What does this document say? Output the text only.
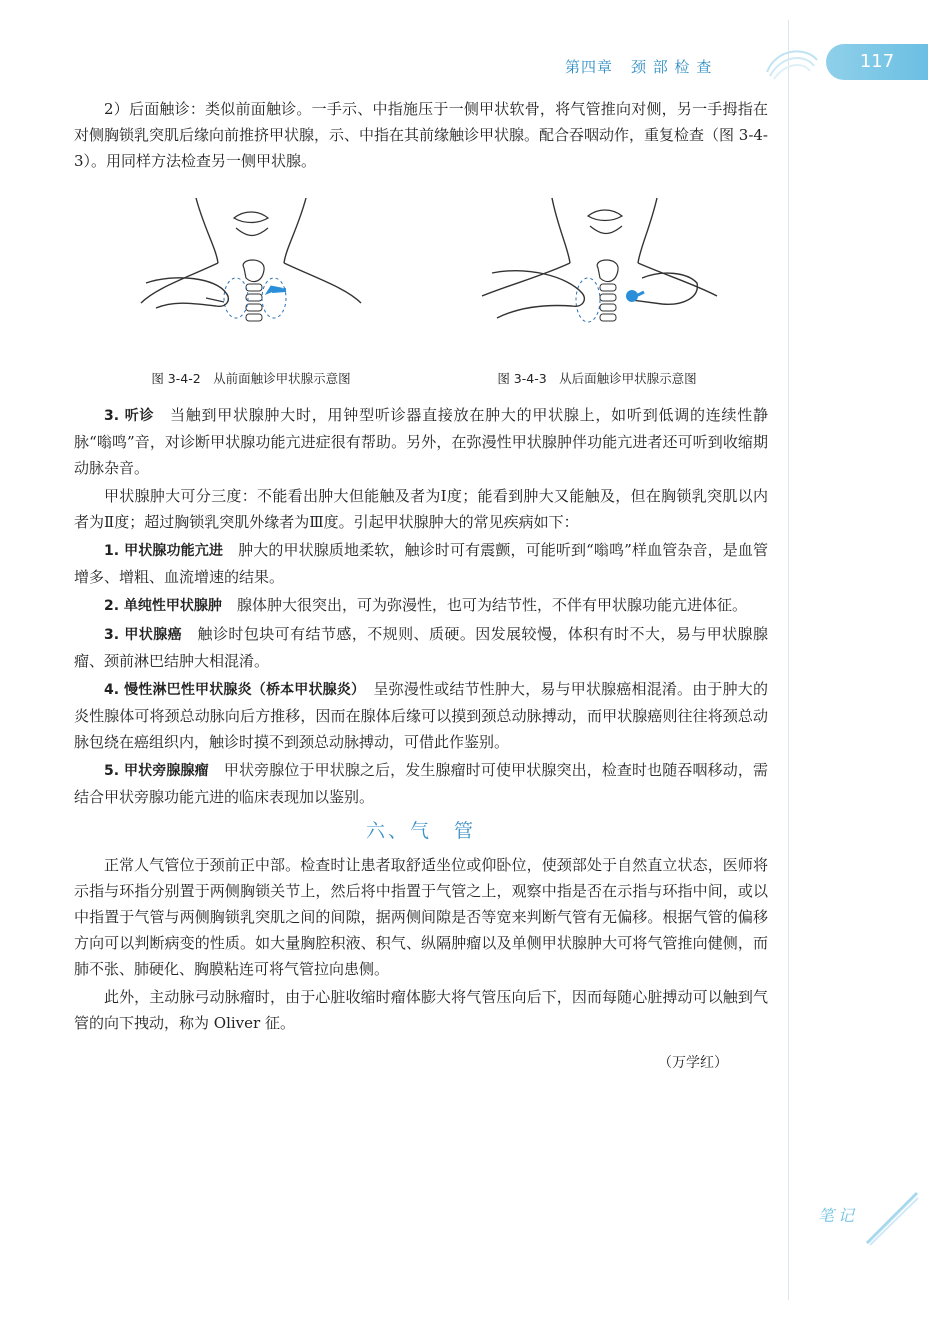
第四章 颈 部 检 查	117

2）后面触诊：类似前面触诊。一手示、中指施压于一侧甲状软骨，将气管推向对侧，另一手拇指在对侧胸锁乳突肌后缘向前推挤甲状腺，示、中指在其前缘触诊甲状腺。配合吞咽动作，重复检查（图 3-4-3）。用同样方法检查另一侧甲状腺。

图 3-4-2　从前面触诊甲状腺示意图	图 3-4-3　从后面触诊甲状腺示意图

3. 听诊　 当触到甲状腺肿大时，用钟型听诊器直接放在肿大的甲状腺上，如听到低调的连续性静脉“嗡鸣”音，对诊断甲状腺功能亢进症很有帮助。另外，在弥漫性甲状腺肿伴功能亢进者还可听到收缩期动脉杂音。

甲状腺肿大可分三度：不能看出肿大但能触及者为Ⅰ度；能看到肿大又能触及，但在胸锁乳突肌以内者为Ⅱ度；超过胸锁乳突肌外缘者为Ⅲ度。引起甲状腺肿大的常见疾病如下：

1. 甲状腺功能亢进　 肿大的甲状腺质地柔软，触诊时可有震颤，可能听到“嗡鸣”样血管杂音，是血管增多、增粗、血流增速的结果。

2. 单纯性甲状腺肿　 腺体肿大很突出，可为弥漫性，也可为结节性，不伴有甲状腺功能亢进体征。

3. 甲状腺癌　 触诊时包块可有结节感，不规则、质硬。因发展较慢，体积有时不大，易与甲状腺腺瘤、颈前淋巴结肿大相混淆。

4. 慢性淋巴性甲状腺炎（桥本甲状腺炎）　 呈弥漫性或结节性肿大，易与甲状腺癌相混淆。由于肿大的炎性腺体可将颈总动脉向后方推移，因而在腺体后缘可以摸到颈总动脉搏动，而甲状腺癌则往往将颈总动脉包绕在癌组织内，触诊时摸不到颈总动脉搏动，可借此作鉴别。

5. 甲状旁腺腺瘤　 甲状旁腺位于甲状腺之后，发生腺瘤时可使甲状腺突出，检查时也随吞咽移动，需结合甲状旁腺功能亢进的临床表现加以鉴别。

六、气　管

正常人气管位于颈前正中部。检查时让患者取舒适坐位或仰卧位，使颈部处于自然直立状态，医师将示指与环指分别置于两侧胸锁关节上，然后将中指置于气管之上，观察中指是否在示指与环指中间，或以中指置于气管与两侧胸锁乳突肌之间的间隙，据两侧间隙是否等宽来判断气管有无偏移。根据气管的偏移方向可以判断病变的性质。如大量胸腔积液、积气、纵隔肿瘤以及单侧甲状腺肿大可将气管推向健侧，而肺不张、肺硬化、胸膜粘连可将气管拉向患侧。

此外，主动脉弓动脉瘤时，由于心脏收缩时瘤体膨大将气管压向后下，因而每随心脏搏动可以触到气管的向下拽动，称为 Oliver 征。

（万学红）
笔记
